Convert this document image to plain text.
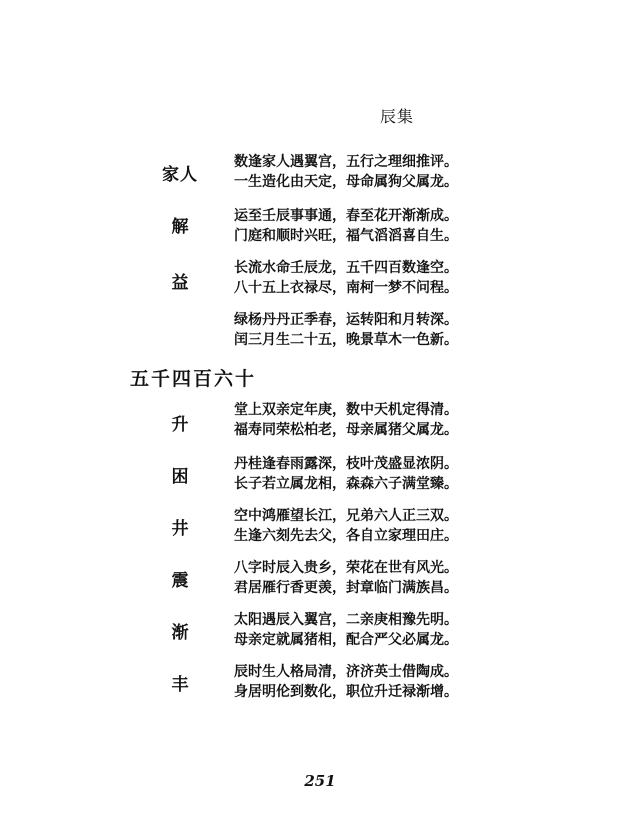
辰集
家人
解
益
数逢家人遇翼宫，五行之理细推评。
一生造化由天定，母命属狗父属龙。
运至壬辰事事通，春至花开渐渐成。
门庭和顺时兴旺，福气滔滔喜自生。
长流水命壬辰龙，五千四百数逢空。
八十五上衣禄尽，南柯一梦不问程。
绿杨丹丹正季春，运转阳和月转深。
闰三月生二十五，晚景草木一色新。
五千四百六十
升
困
井
震
渐
丰
堂上双亲定年庚，数中天机定得清。
福寿同荣松柏老，母亲属猪父属龙。
丹桂逢春雨露深，枝叶茂盛显浓阴。
长子若立属龙相，森森六子满堂臻。
空中鸿雁望长江，兄弟六人正三双。
生逢六刻先去父，各自立家理田庄。
八字时辰入贵乡，荣花在世有风光。
君居雁行香更羡，封章临门满族昌。
太阳遇辰入翼宫，二亲庚相豫先明。
母亲定就属猪相，配合严父必属龙。
辰时生人格局清，济济英士借陶成。
身居明伦到数化，职位升迁禄渐增。
251
